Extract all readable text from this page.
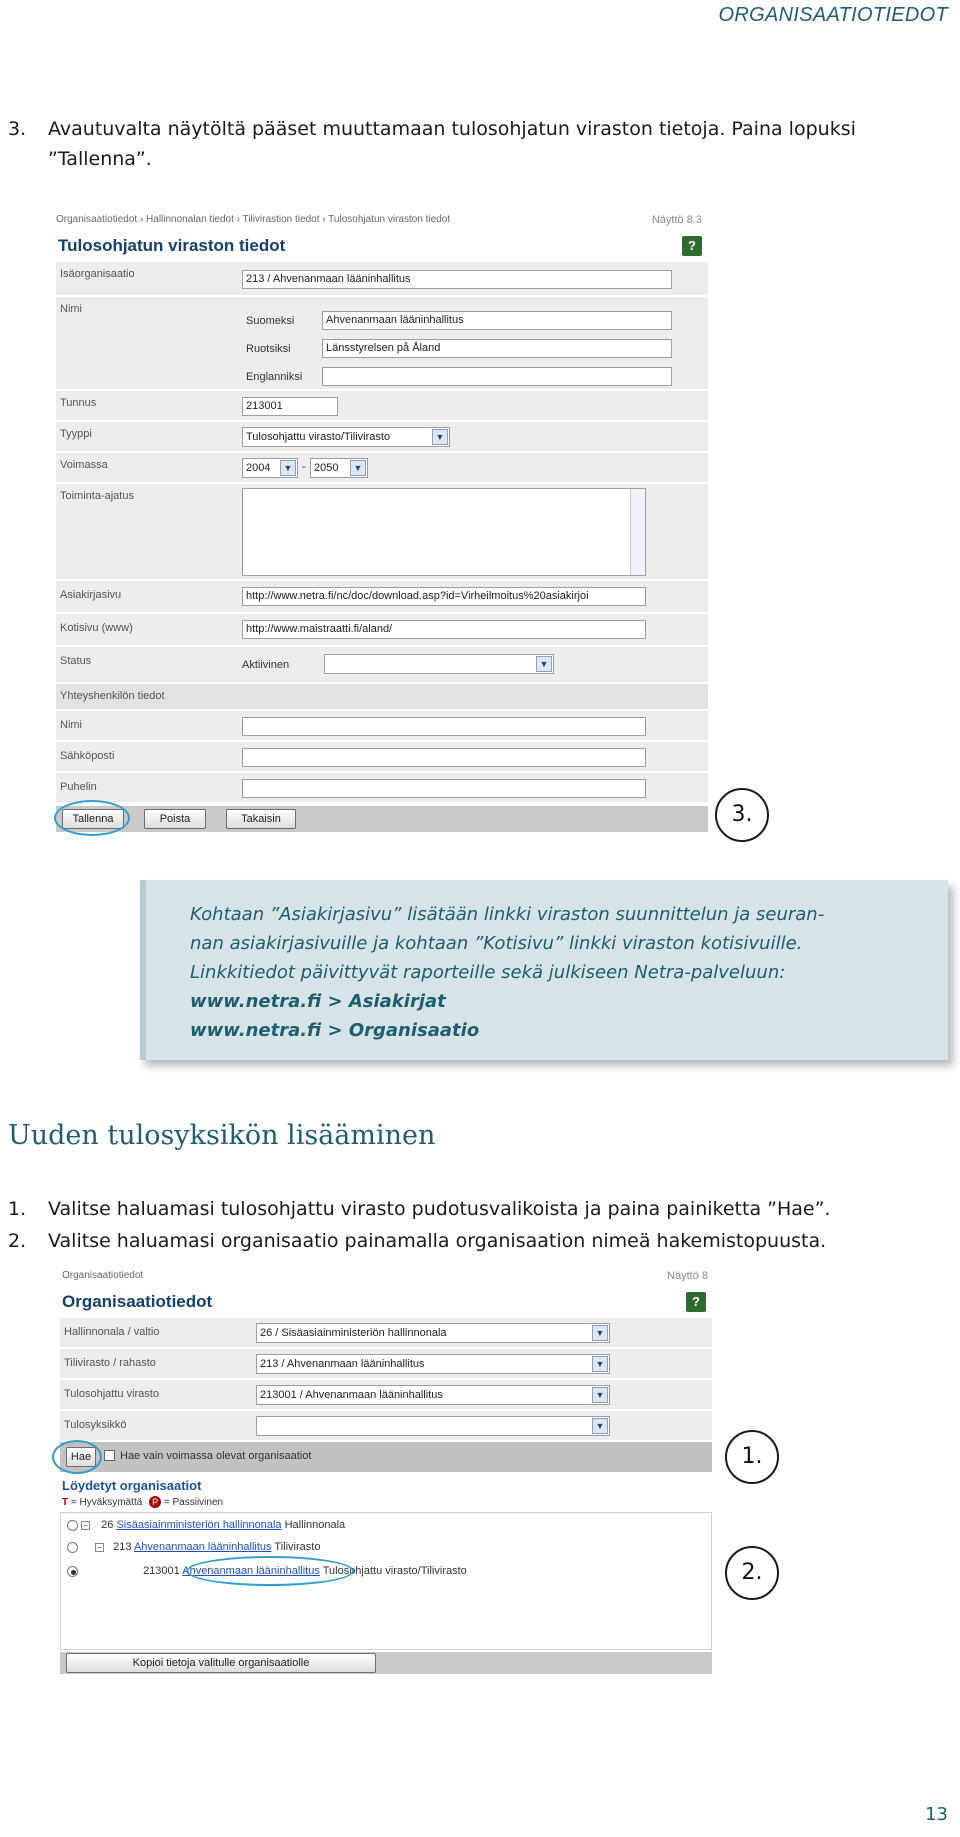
ORGANISAATIOTIEDOT
3. Avautuvalta näytöltä pääset muuttamaan tulosohjatun viraston tietoja. Paina lopuksi
”Tallenna”.
Organisaatiotiedot › Hallinnonalan tiedot › Tilivirastion tiedot › Tulosohjatun viraston tiedot	Näyttö 8.3
?
Tulosohjatun viraston tiedot
Isäorganisaatio	213 / Ahvenanmaan lääninhallitus
Nimi
Suomeksi	Ahvenanmaan lääninhallitus
Ruotsiksi	Länsstyrelsen på Åland
Englanniksi
Tunnus	213001
Tyyppi	Tulosohjattu virasto/Tilivirasto	▼
Voimassa	2004	▼ - 2050	▼
Toiminta-ajatus
Asiakirjasivu	http://www.netra.fi/nc/doc/download.asp?id=Virheilmoitus%20asiakirjoi
Kotisivu (www)	http://www.maistraatti.fi/aland/
Status	Aktiivinen	▼
Yhteyshenkilön tiedot
Nimi
Sähköposti
Puhelin
Tallenna	Poista	Takaisin	3.
Kohtaan ”Asiakirjasivu” lisätään linkki viraston suunnittelun ja seuran-
nan asiakirjasivuille ja kohtaan ”Kotisivu” linkki viraston kotisivuille.
Linkkitiedot päivittyvät raporteille sekä julkiseen Netra-palveluun:
www.netra.fi > Asiakirjat
www.netra.fi > Organisaatio
Uuden tulosyksikön lisääminen
1. Valitse haluamasi tulosohjattu virasto pudotusvalikoista ja paina painiketta ”Hae”.
2. Valitse haluamasi organisaatio painamalla organisaation nimeä hakemistopuusta.
Organisaatiotiedot	Näyttö 8
?
Organisaatiotiedot
Hallinnonala / valtio	26 / Sisäasiainministeriön hallinnonala	▼
Tilivirasto / rahasto	213 / Ahvenanmaan lääninhallitus	▼
Tulosohjattu virasto	213001 / Ahvenanmaan lääninhallitus	▼
Tulosyksikkö	▼
Hae	Hae vain voimassa olevat organisaatiot
Löydetyt organisaatiot
T = Hyväksymättä P = Passiivinen
− 26 Sisäasiainministeriön hallinnonala Hallinnonala
− 213 Ahvenanmaan lääninhallitus Tilivirasto
213001 Ahvenanmaan lääninhallitus Tulosohjattu virasto/Tilivirasto
Kopioi tietoja valitulle organisaatiolle
1.
2.
13
